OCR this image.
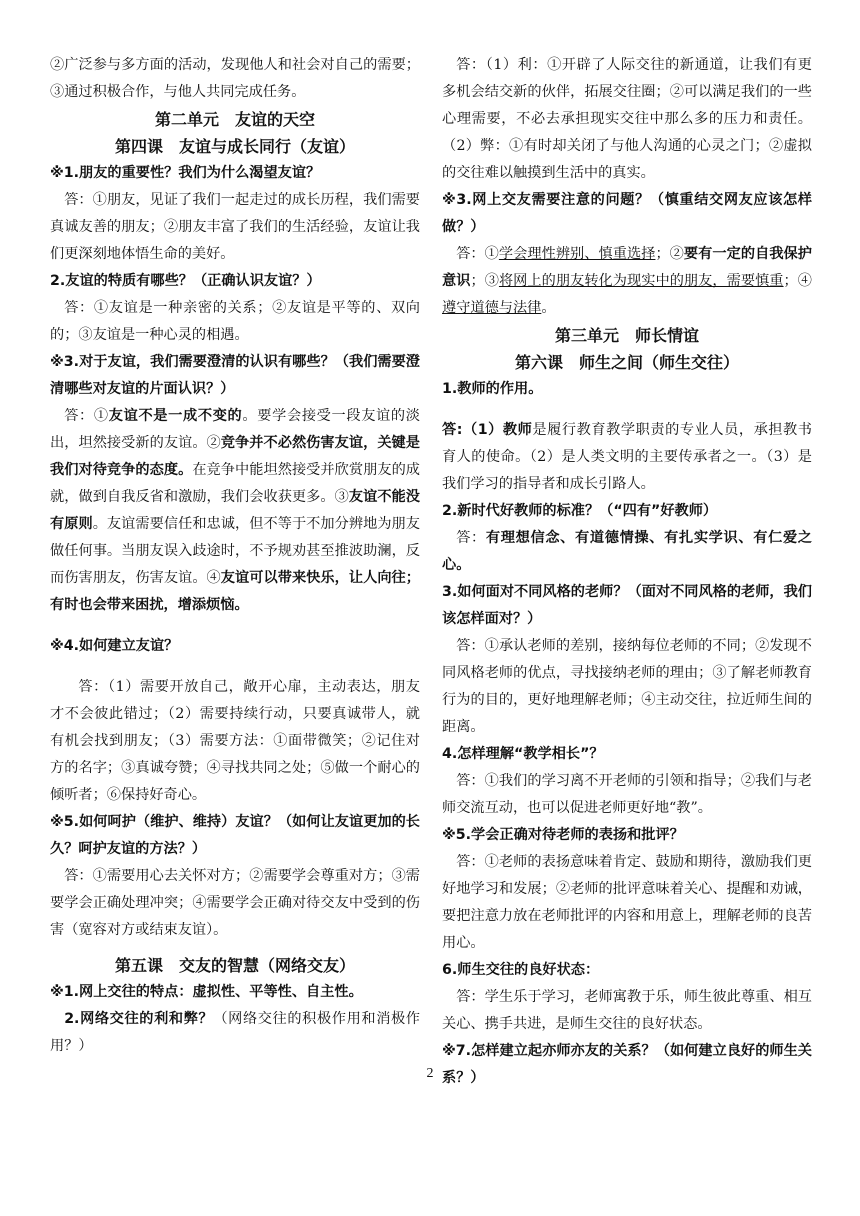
②广泛参与多方面的活动，发现他人和社会对自己的需要；③通过积极合作，与他人共同完成任务。

第二单元　友谊的天空

第四课　友谊与成长同行（友谊）

※1.朋友的重要性？我们为什么渴望友谊？

答：①朋友，见证了我们一起走过的成长历程，我们需要真诚友善的朋友；②朋友丰富了我们的生活经验，友谊让我们更深刻地体悟生命的美好。

2.友谊的特质有哪些？（正确认识友谊？）

答：①友谊是一种亲密的关系；②友谊是平等的、双向的；③友谊是一种心灵的相遇。

※3.对于友谊，我们需要澄清的认识有哪些？（我们需要澄清哪些对友谊的片面认识？）

答：①友谊不是一成不变的。要学会接受一段友谊的淡出，坦然接受新的友谊。②竞争并不必然伤害友谊，关键是我们对待竞争的态度。在竞争中能坦然接受并欣赏朋友的成就，做到自我反省和激励，我们会收获更多。③友谊不能没有原则。友谊需要信任和忠诚，但不等于不加分辨地为朋友做任何事。当朋友误入歧途时，不予规劝甚至推波助澜，反而伤害朋友，伤害友谊。④友谊可以带来快乐，让人向往；有时也会带来困扰，增添烦恼。

※4.如何建立友谊？

答：（1）需要开放自己，敞开心扉，主动表达，朋友才不会彼此错过；（2）需要持续行动，只要真诚带人，就有机会找到朋友；（3）需要方法：①面带微笑；②记住对方的名字；③真诚夸赞；④寻找共同之处；⑤做一个耐心的倾听者；⑥保持好奇心。

※5.如何呵护（维护、维持）友谊？（如何让友谊更加的长久？呵护友谊的方法？）

答：①需要用心去关怀对方；②需要学会尊重对方；③需要学会正确处理冲突；④需要学会正确对待交友中受到的伤害（宽容对方或结束友谊）。

第五课　交友的智慧（网络交友）

※1.网上交往的特点：虚拟性、平等性、自主性。

2.网络交往的利和弊？（网络交往的积极作用和消极作用？）

答：（1）利：①开辟了人际交往的新通道，让我们有更多机会结交新的伙伴，拓展交往圈；②可以满足我们的一些心理需要，不必去承担现实交往中那么多的压力和责任。（2）弊：①有时却关闭了与他人沟通的心灵之门；②虚拟的交往难以触摸到生活中的真实。

※3.网上交友需要注意的问题？（慎重结交网友应该怎样做？）

答：①学会理性辨别、慎重选择；②要有一定的自我保护意识；③将网上的朋友转化为现实中的朋友，需要慎重；④遵守道德与法律。

第三单元　师长情谊

第六课　师生之间（师生交往）

1.教师的作用。

答:（1）教师是履行教育教学职责的专业人员，承担教书育人的使命。（2）是人类文明的主要传承者之一。（3）是我们学习的指导者和成长引路人。

2.新时代好教师的标准？（“四有”好教师）

答：有理想信念、有道德情操、有扎实学识、有仁爱之心。

3.如何面对不同风格的老师？（面对不同风格的老师，我们该怎样面对？）

答：①承认老师的差别，接纳每位老师的不同；②发现不同风格老师的优点，寻找接纳老师的理由；③了解老师教育行为的目的，更好地理解老师；④主动交往，拉近师生间的距离。

4.怎样理解“教学相长”？

答：①我们的学习离不开老师的引领和指导；②我们与老师交流互动，也可以促进老师更好地“教”。

※5.学会正确对待老师的表扬和批评？

答：①老师的表扬意味着肯定、鼓励和期待，激励我们更好地学习和发展；②老师的批评意味着关心、提醒和劝诫，要把注意力放在老师批评的内容和用意上，理解老师的良苦用心。

6.师生交往的良好状态：

答：学生乐于学习，老师寓教于乐，师生彼此尊重、相互关心、携手共进，是师生交往的良好状态。

※7.怎样建立起亦师亦友的关系？（如何建立良好的师生关系？）

2
